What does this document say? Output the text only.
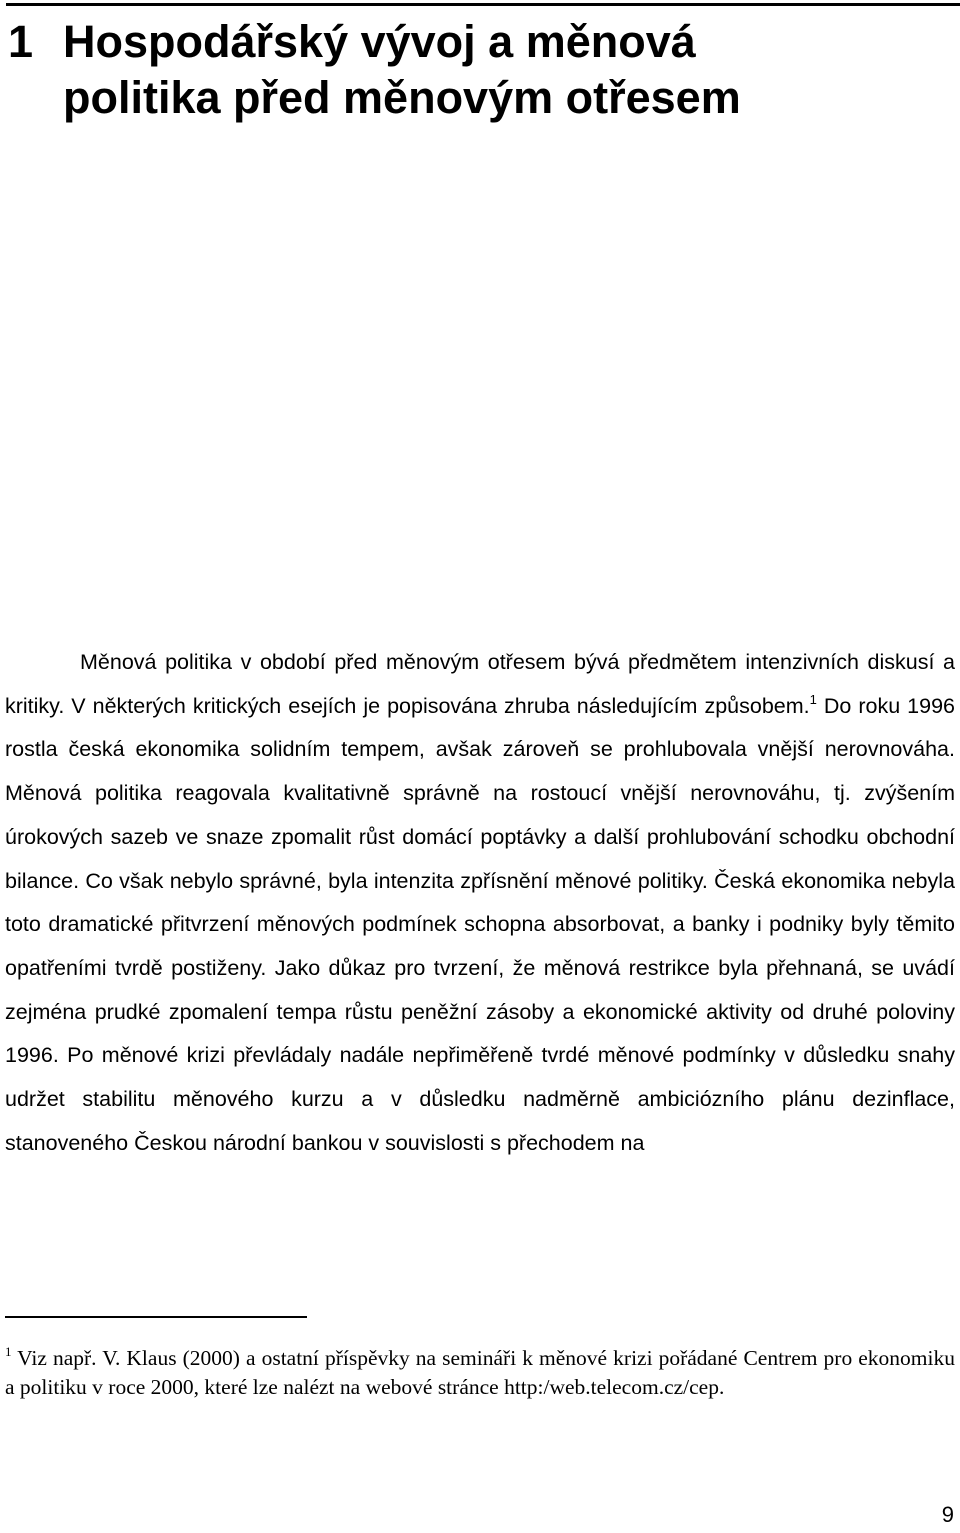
1 Hospodářský vývoj a měnová
politika před měnovým otřesem

Měnová politika v období před měnovým otřesem bývá předmětem intenzivních diskusí a kritiky. V některých kritických esejích je popisována zhruba následujícím způsobem.$^1$ Do roku 1996 rostla česká ekonomika solidním tempem, avšak zároveň se prohlubovala vnější nerovnováha. Měnová politika reagovala kvalitativně správně na rostoucí vnější nerovnováhu, tj. zvýšením úrokových sazeb ve snaze zpomalit růst domácí poptávky a další prohlubování schodku obchodní bilance. Co však nebylo správné, byla intenzita zpřísnění měnové politiky. Česká ekonomika nebyla toto dramatické přitvrzení měnových podmínek schopna absorbovat, a banky i podniky byly těmito opatřeními tvrdě postiženy. Jako důkaz pro tvrzení, že měnová restrikce byla přehnaná, se uvádí zejména prudké zpomalení tempa růstu peněžní zásoby a ekonomické aktivity od druhé poloviny 1996. Po měnové krizi převládaly nadále nepřiměřeně tvrdé měnové podmínky v důsledku snahy udržet stabilitu měnového kurzu a v důsledku nadměrně ambiciózního plánu dezinflace, stanoveného Českou národní bankou v souvislosti s přechodem na

$^1$ Viz např. V. Klaus (2000) a ostatní příspěvky na semináři k měnové krizi pořádané Centrem pro ekonomiku a politiku v roce 2000, které lze nalézt na webové stránce http:/web.telecom.cz/cep.

9
